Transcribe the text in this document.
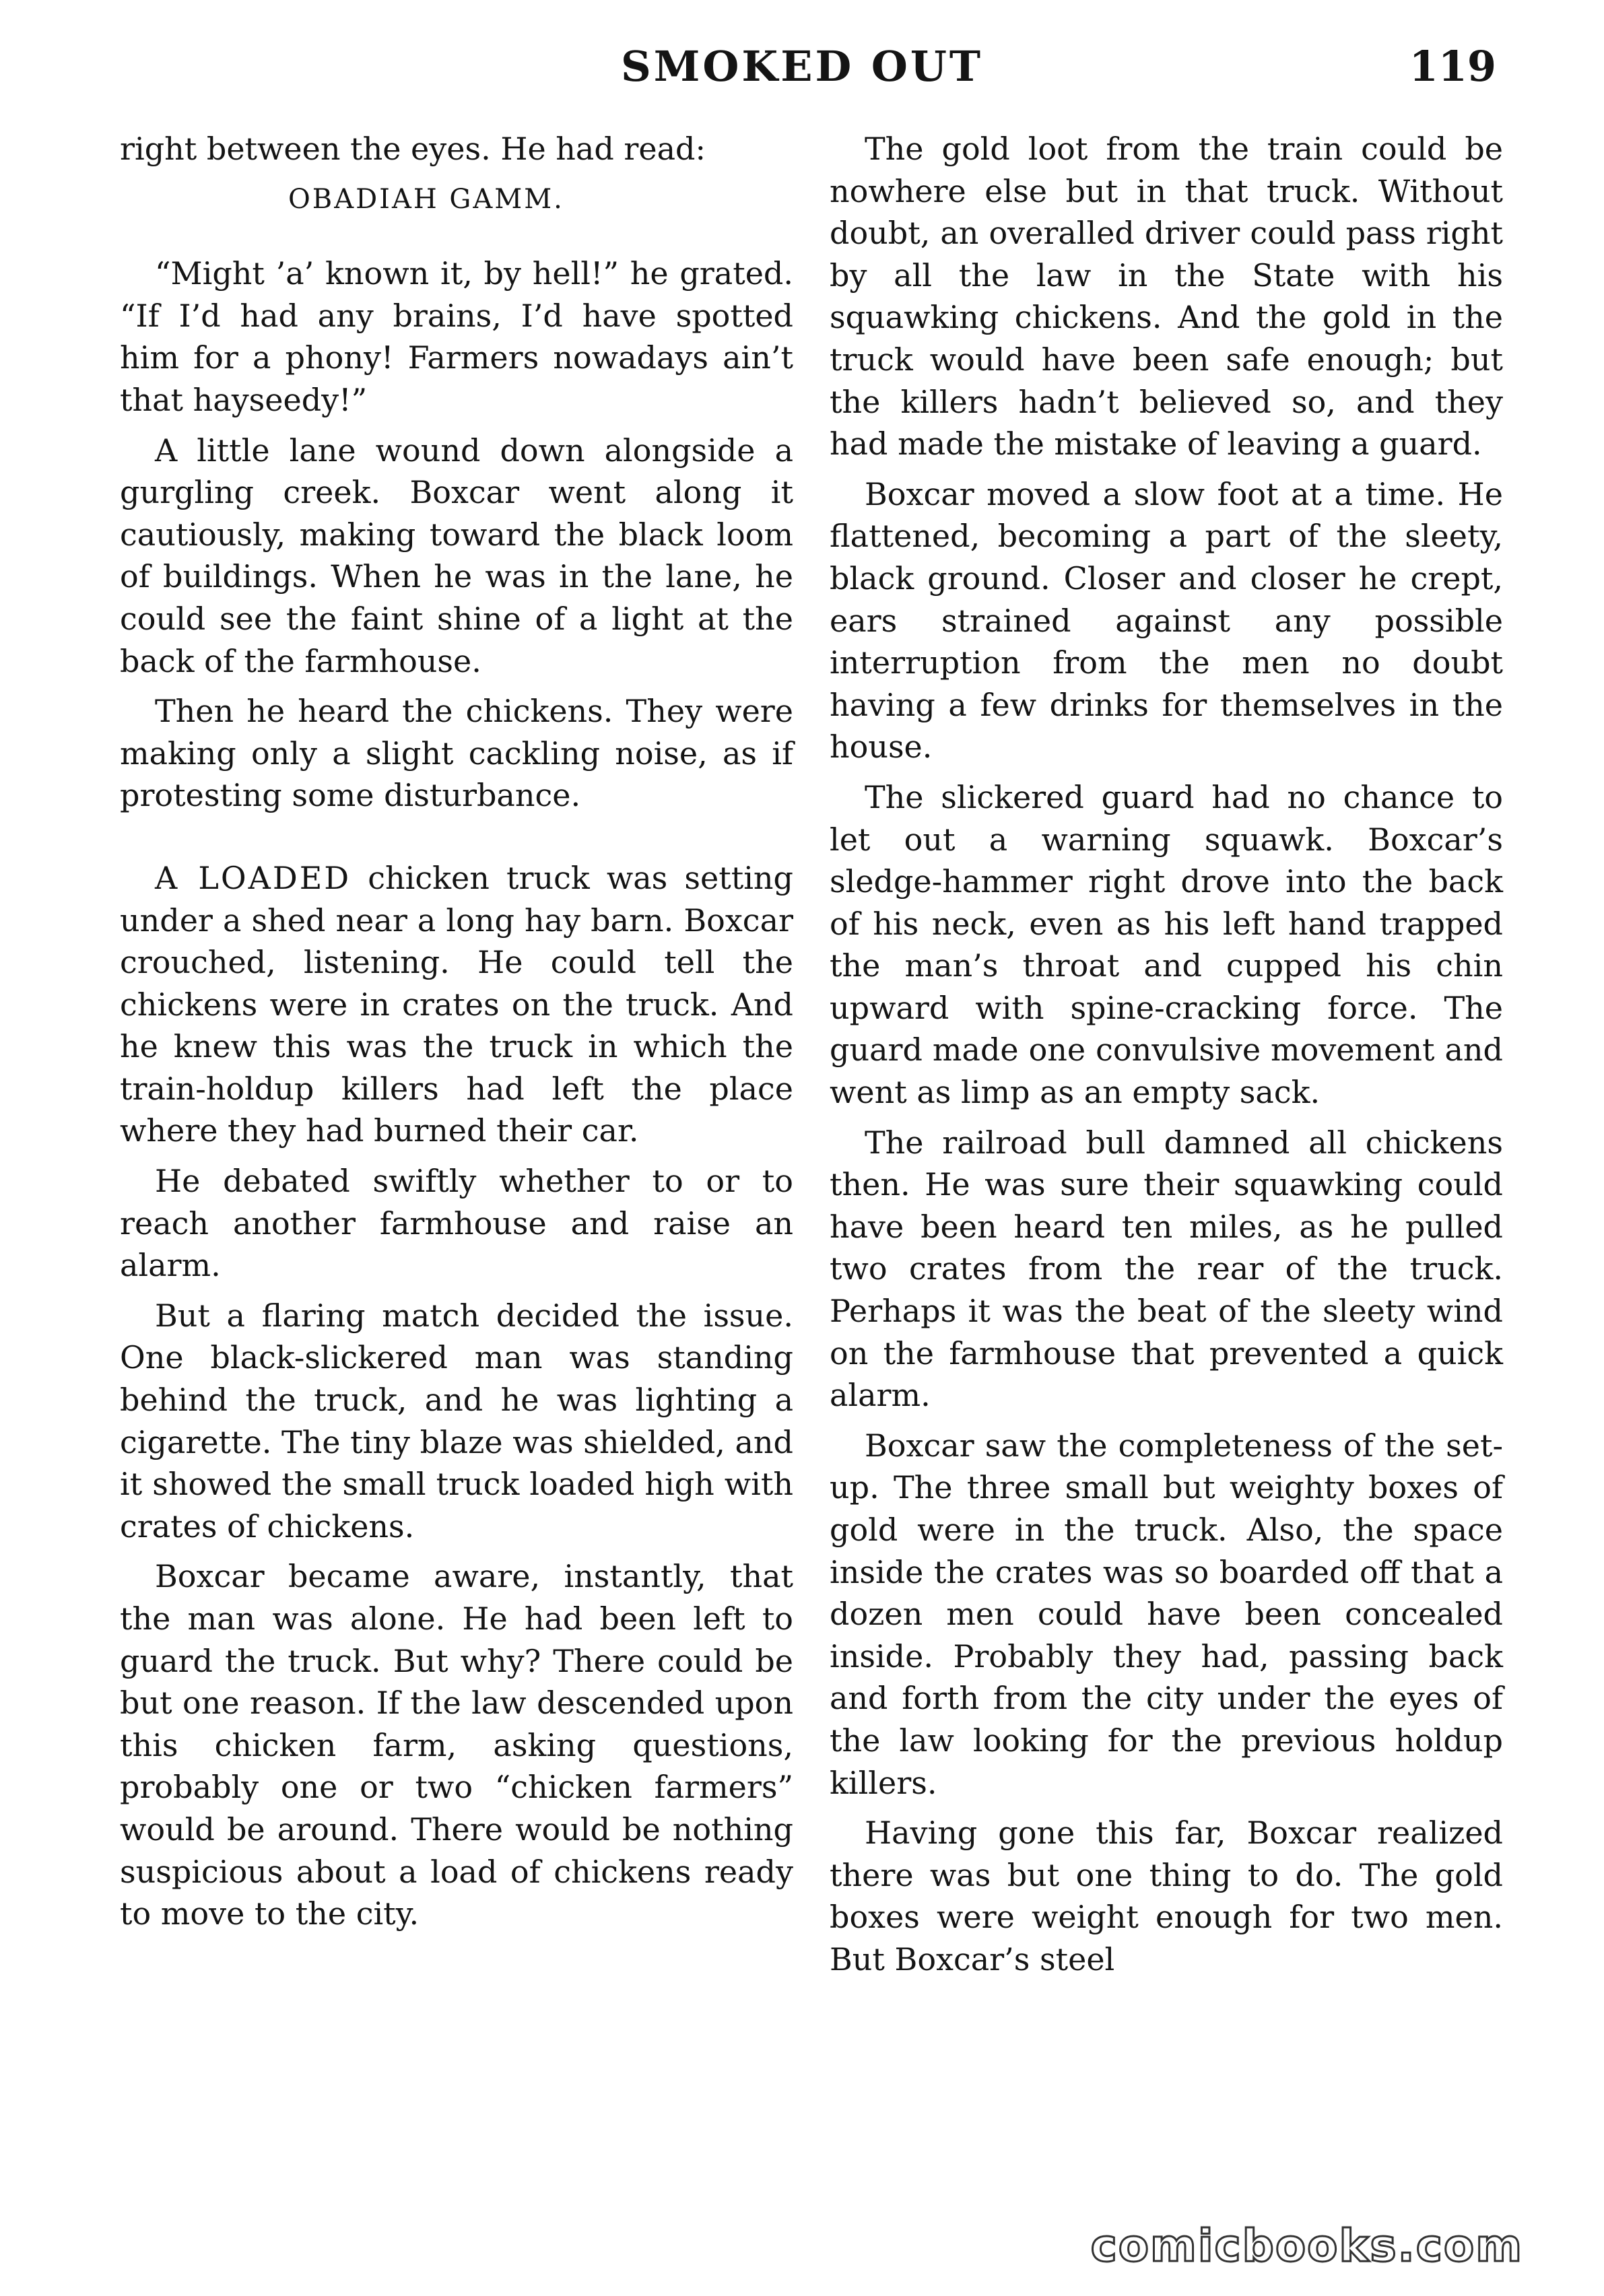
SMOKED OUT	119

right between the eyes. He had read:

OBADIAH GAMM.

“Might ’a’ known it, by hell!” he grated. “If I’d had any brains, I’d have spotted him for a phony! Farmers nowadays ain’t that hayseedy!”

A little lane wound down alongside a gurgling creek. Boxcar went along it cautiously, making toward the black loom of buildings. When he was in the lane, he could see the faint shine of a light at the back of the farmhouse.

Then he heard the chickens. They were making only a slight cackling noise, as if protesting some disturbance.

A LOADED chicken truck was setting under a shed near a long hay barn. Boxcar crouched, listening. He could tell the chickens were in crates on the truck. And he knew this was the truck in which the train-holdup killers had left the place where they had burned their car.

He debated swiftly whether to or to reach another farmhouse and raise an alarm.

But a flaring match decided the issue. One black-slickered man was standing behind the truck, and he was lighting a cigarette. The tiny blaze was shielded, and it showed the small truck loaded high with crates of chickens.

Boxcar became aware, instantly, that the man was alone. He had been left to guard the truck. But why? There could be but one reason. If the law descended upon this chicken farm, asking questions, probably one or two “chicken farmers” would be around. There would be nothing suspicious about a load of chickens ready to move to the city.

The gold loot from the train could be nowhere else but in that truck. Without doubt, an overalled driver could pass right by all the law in the State with his squawking chickens. And the gold in the truck would have been safe enough; but the killers hadn’t believed so, and they had made the mistake of leaving a guard.

Boxcar moved a slow foot at a time. He flattened, becoming a part of the sleety, black ground. Closer and closer he crept, ears strained against any possible interruption from the men no doubt having a few drinks for themselves in the house.

The slickered guard had no chance to let out a warning squawk. Boxcar’s sledge-hammer right drove into the back of his neck, even as his left hand trapped the man’s throat and cupped his chin upward with spine-cracking force. The guard made one convulsive movement and went as limp as an empty sack.

The railroad bull damned all chickens then. He was sure their squawking could have been heard ten miles, as he pulled two crates from the rear of the truck. Perhaps it was the beat of the sleety wind on the farmhouse that prevented a quick alarm.

Boxcar saw the completeness of the set-up. The three small but weighty boxes of gold were in the truck. Also, the space inside the crates was so boarded off that a dozen men could have been concealed inside. Probably they had, passing back and forth from the city under the eyes of the law looking for the previous holdup killers.

Having gone this far, Boxcar realized there was but one thing to do. The gold boxes were weight enough for two men. But Boxcar’s steel

comicbooks.com
